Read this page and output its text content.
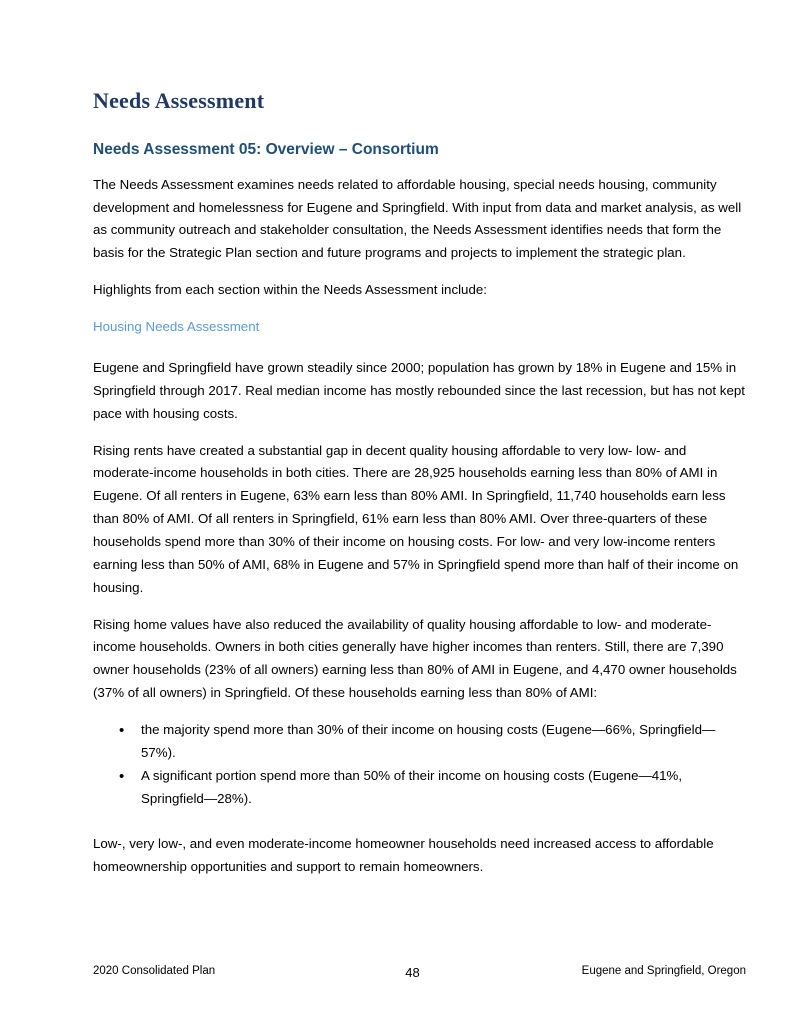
Needs Assessment
Needs Assessment 05: Overview – Consortium

The Needs Assessment examines needs related to affordable housing, special needs housing, community development and homelessness for Eugene and Springfield. With input from data and market analysis, as well as community outreach and stakeholder consultation, the Needs Assessment identifies needs that form the basis for the Strategic Plan section and future programs and projects to implement the strategic plan.

Highlights from each section within the Needs Assessment include:

Housing Needs Assessment

Eugene and Springfield have grown steadily since 2000; population has grown by 18% in Eugene and 15% in Springfield through 2017. Real median income has mostly rebounded since the last recession, but has not kept pace with housing costs.

Rising rents have created a substantial gap in decent quality housing affordable to very low- low- and moderate-income households in both cities. There are 28,925 households earning less than 80% of AMI in Eugene. Of all renters in Eugene, 63% earn less than 80% AMI. In Springfield, 11,740 households earn less than 80% of AMI. Of all renters in Springfield, 61% earn less than 80% AMI. Over three-quarters of these households spend more than 30% of their income on housing costs. For low- and very low-income renters earning less than 50% of AMI, 68% in Eugene and 57% in Springfield spend more than half of their income on housing.

Rising home values have also reduced the availability of quality housing affordable to low- and moderate-income households. Owners in both cities generally have higher incomes than renters. Still, there are 7,390 owner households (23% of all owners) earning less than 80% of AMI in Eugene, and 4,470 owner households (37% of all owners) in Springfield. Of these households earning less than 80% of AMI:

• the majority spend more than 30% of their income on housing costs (Eugene—66%, Springfield—57%).
• A significant portion spend more than 50% of their income on housing costs (Eugene—41%, Springfield—28%).

Low-, very low-, and even moderate-income homeowner households need increased access to affordable homeownership opportunities and support to remain homeowners.

2020 Consolidated Plan	48	Eugene and Springfield, Oregon
